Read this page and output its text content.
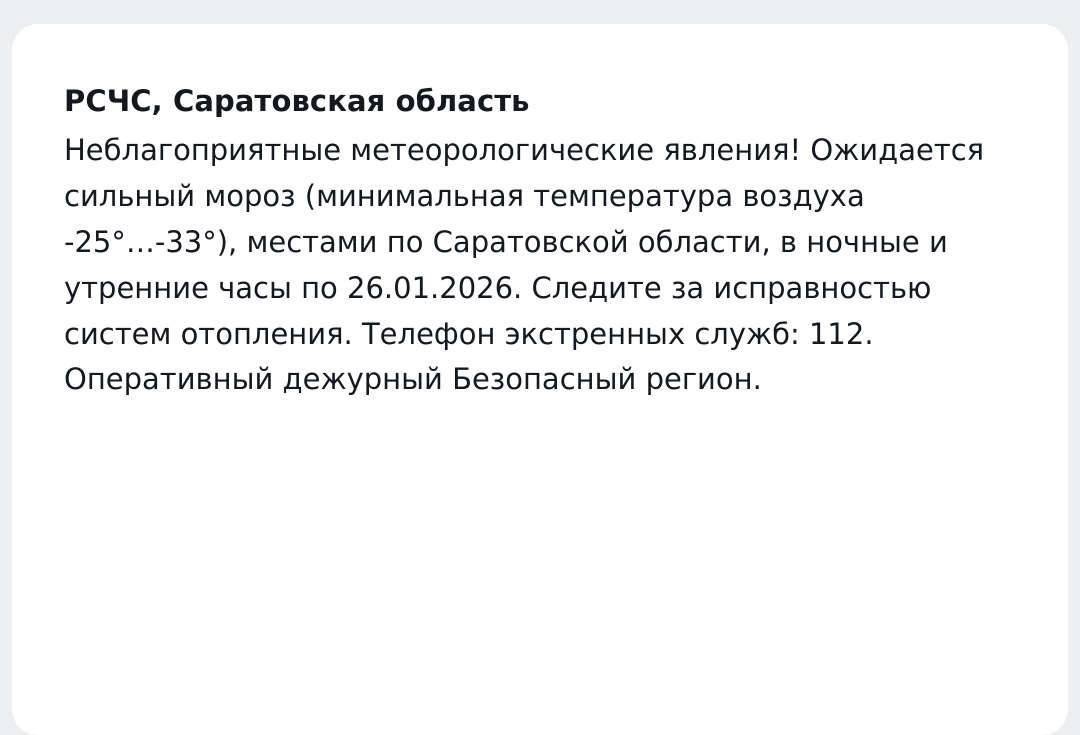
РСЧС, Саратовская область
Неблагоприятные метеорологические явления! Ожидается сильный мороз (минимальная температура воздуха -25°…-33°), местами по Саратовской области, в ночные и утренние часы по 26.01.2026. Следите за исправностью систем отопления. Телефон экстренных служб: 112. Оперативный дежурный Безопасный регион.
